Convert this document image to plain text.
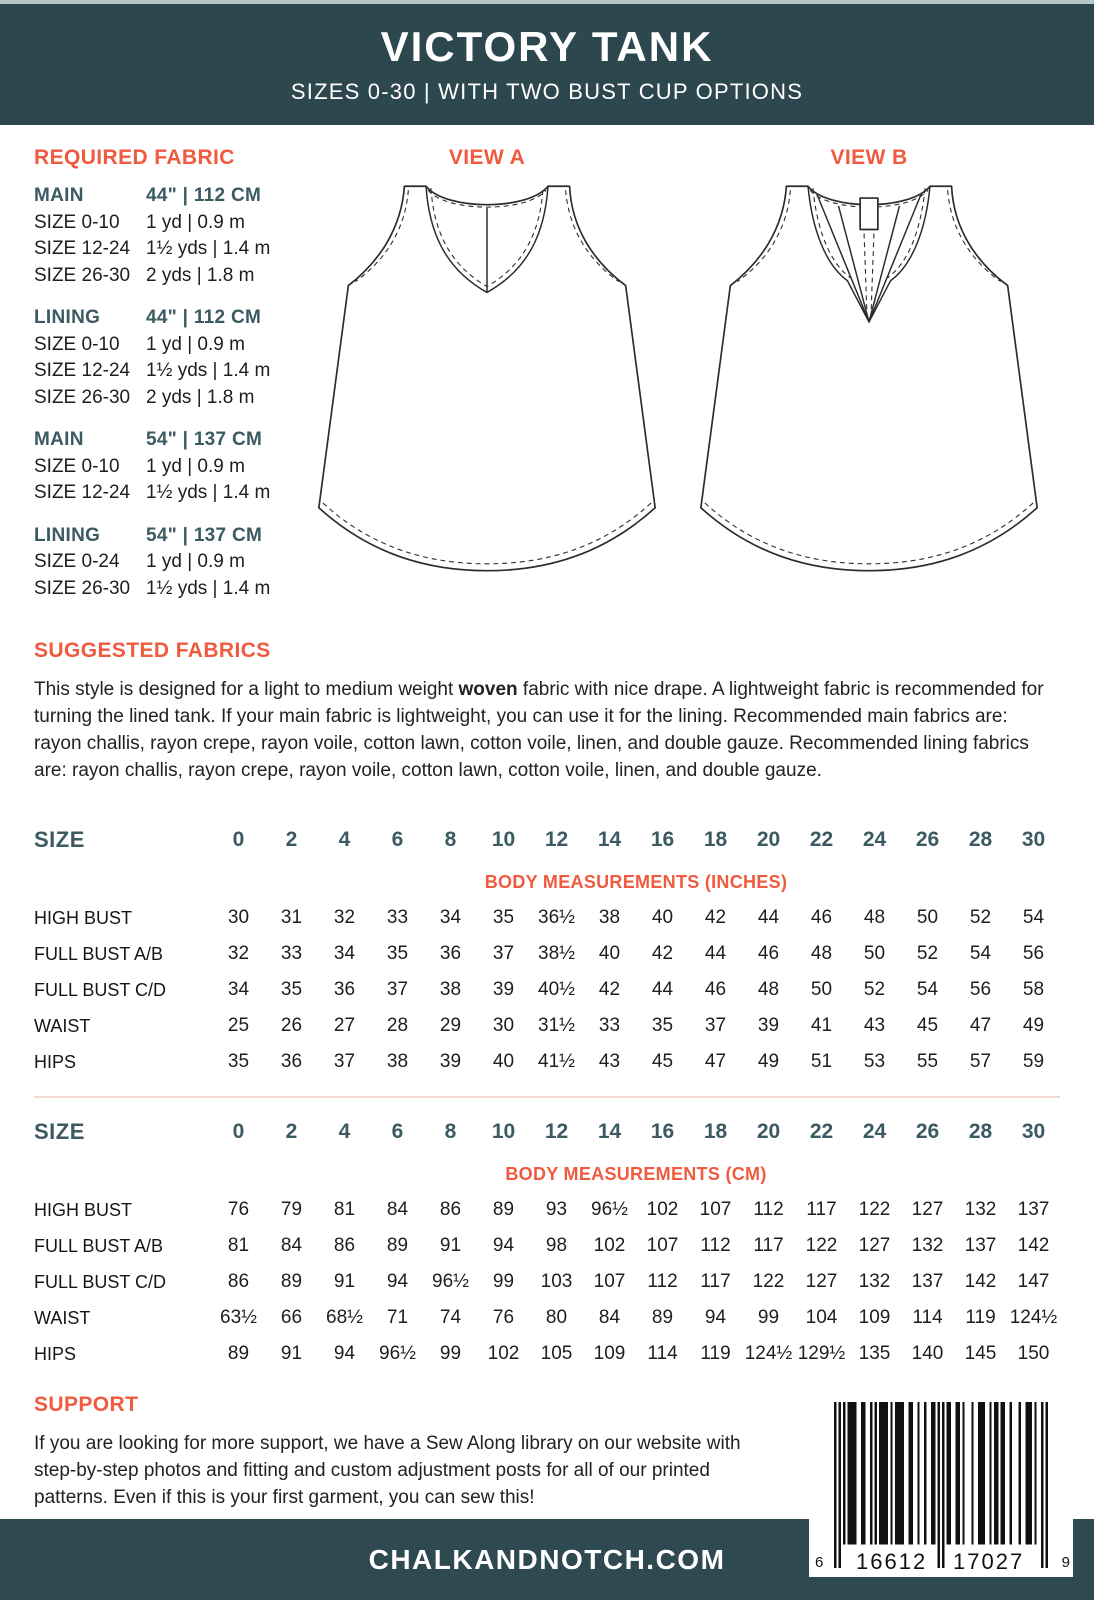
VICTORY TANK
SIZES 0-30 | WITH TWO BUST CUP OPTIONS
REQUIRED FABRIC
MAIN	44" | 112 CM
SIZE 0-10	1 yd | 0.9 m
SIZE 12-24 1½ yds | 1.4 m
SIZE 26-30 2 yds | 1.8 m
LINING	44" | 112 CM
SIZE 0-10	1 yd | 0.9 m
SIZE 12-24 1½ yds | 1.4 m
SIZE 26-30 2 yds | 1.8 m
MAIN	54" | 137 CM
SIZE 0-10	1 yd | 0.9 m
SIZE 12-24 1½ yds | 1.4 m
LINING	54" | 137 CM
SIZE 0-24	1 yd | 0.9 m
SIZE 26-30 1½ yds | 1.4 m
VIEW A	VIEW B
SUGGESTED FABRICS

This style is designed for a light to medium weight woven fabric with nice drape. A lightweight fabric is recommended for turning the lined tank. If your main fabric is lightweight, you can use it for the lining. Recommended main fabrics are: rayon challis, rayon crepe, rayon voile, cotton lawn, cotton voile, linen, and double gauze. Recommended lining fabrics are: rayon challis, rayon crepe, rayon voile, cotton lawn, cotton voile, linen, and double gauze.

SIZE	0	2	4	6	8	10	12	14	16	18	20	22	24	26	28	30
	BODY MEASUREMENTS (INCHES)															
HIGH BUST	30	31	32	33	34	35	36½	38	40	42	44	46	48	50	52	54
FULL BUST A/B	32	33	34	35	36	37	38½	40	42	44	46	48	50	52	54	56
FULL BUST C/D	34	35	36	37	38	39	40½	42	44	46	48	50	52	54	56	58
WAIST	25	26	27	28	29	30	31½	33	35	37	39	41	43	45	47	49
HIPS	35	36	37	38	39	40	41½	43	45	47	49	51	53	55	57	59
SIZE	0	2	4	6	8	10	12	14	16	18	20	22	24	26	28	30
	BODY MEASUREMENTS (CM)															
HIGH BUST	76	79	81	84	86	89	93	96½	102	107	112	117	122	127	132	137
FULL BUST A/B	81	84	86	89	91	94	98	102	107	112	117	122	127	132	137	142
FULL BUST C/D	86	89	91	94	96½	99	103	107	112	117	122	127	132	137	142	147
WAIST	63½	66	68½	71	74	76	80	84	89	94	99	104	109	114	119	124½
HIPS	89	91	94	96½	99	102	105	109	114	119	124½	129½	135	140	145	150
SUPPORT

If you are looking for more support, we have a Sew Along library on our website with step-by-step photos and fitting and custom adjustment posts for all of our printed patterns. Even if this is your first garment, you can sew this!

CHALKANDNOTCH.COM	6 16612 17027 9
